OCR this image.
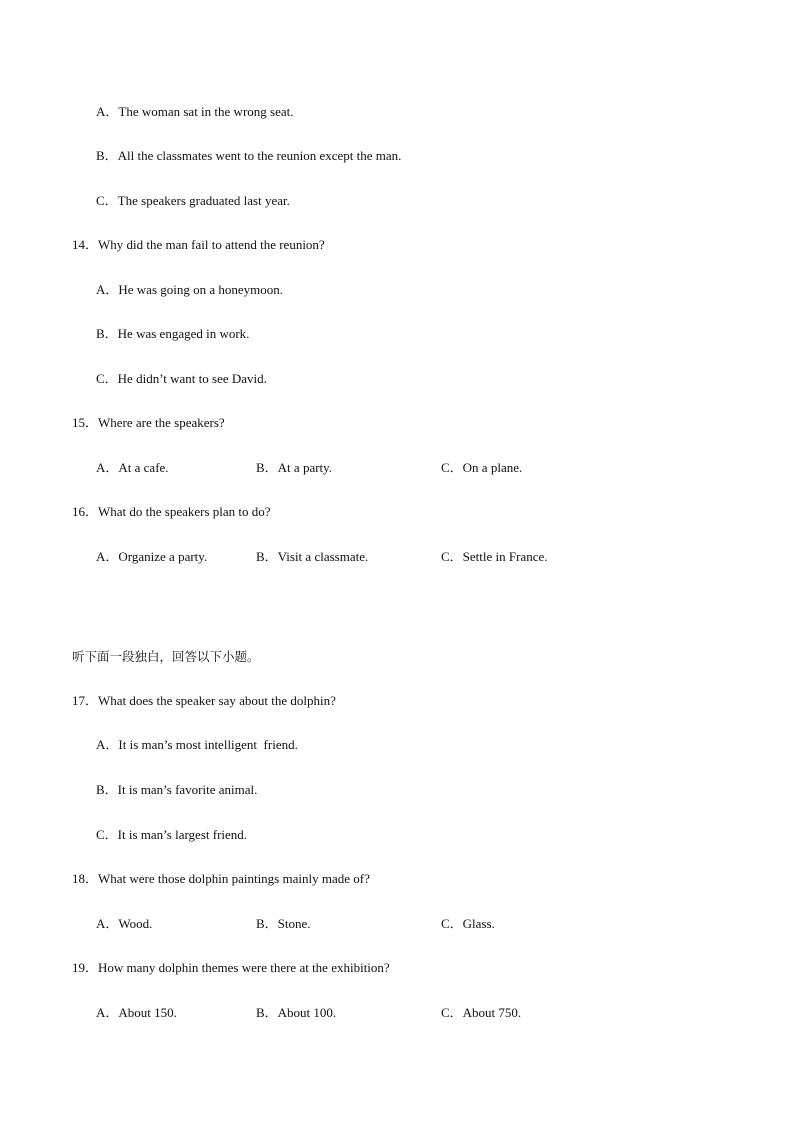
A．The woman sat in the wrong seat.
B．All the classmates went to the reunion except the man.
C．The speakers graduated last year.
14．Why did the man fail to attend the reunion?
A．He was going on a honeymoon.
B．He was engaged in work.
C．He didn’t want to see David.
15．Where are the speakers?
A．At a cafe.	B．At a party.	C．On a plane.
16．What do the speakers plan to do?
A．Organize a party.	B．Visit a classmate.	C．Settle in France.
听下面一段独白，回答以下小题。
17．What does the speaker say about the dolphin?
A．It is man’s most intelligent  friend.
B．It is man’s favorite animal.
C．It is man’s largest friend.
18．What were those dolphin paintings mainly made of?
A．Wood.	B．Stone.	C．Glass.
19．How many dolphin themes were there at the exhibition?
A．About 150.	B．About 100.	C．About 750.
